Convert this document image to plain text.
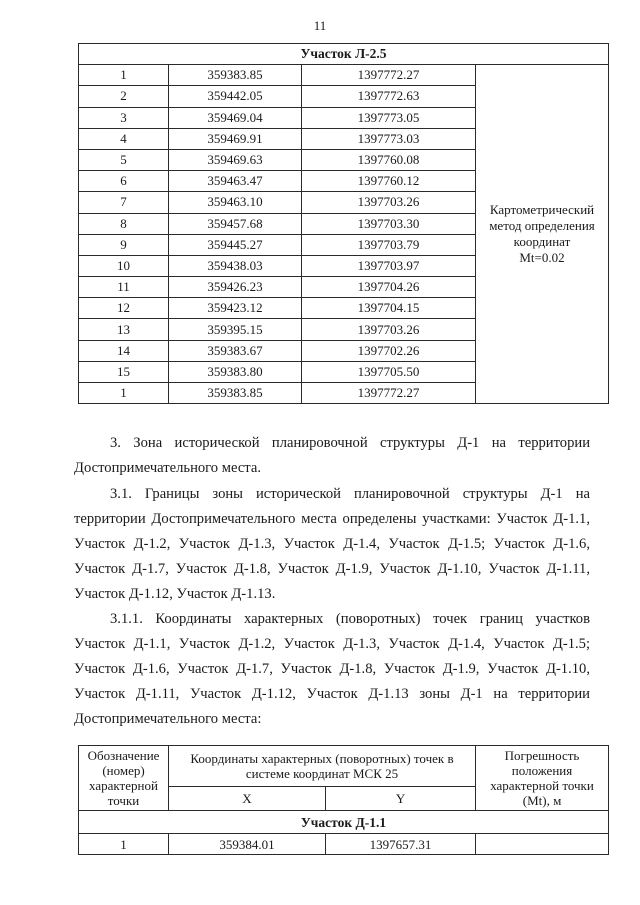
11
Участок Л-2.5			
1	359383.85	1397772.27	Картометрический
метод определения
координат
Mt=0.02

2	359442.05	1397772.63	
3	359469.04	1397773.05	
4	359469.91	1397773.03	
5	359469.63	1397760.08	
6	359463.47	1397760.12	
7	359463.10	1397703.26	
8	359457.68	1397703.30	
9	359445.27	1397703.79	
10	359438.03	1397703.97	
11	359426.23	1397704.26	
12	359423.12	1397704.15	
13	359395.15	1397703.26	
14	359383.67	1397702.26	
15	359383.80	1397705.50	
1	359383.85	1397772.27	

3. Зона исторической планировочной структуры Д-1 на территории Достопримечательного места.

3.1. Границы зоны исторической планировочной структуры Д-1 на территории Достопримечательного места определены участками: Участок Д-1.1, Участок Д-1.2, Участок Д-1.3, Участок Д-1.4, Участок Д-1.5; Участок Д-1.6, Участок Д-1.7, Участок Д-1.8, Участок Д-1.9, Участок Д-1.10, Участок Д-1.11, Участок Д-1.12, Участок Д-1.13.

3.1.1. Координаты характерных (поворотных) точек границ участков Участок Д-1.1, Участок Д-1.2, Участок Д-1.3, Участок Д-1.4, Участок Д-1.5; Участок Д-1.6, Участок Д-1.7, Участок Д-1.8, Участок Д-1.9, Участок Д-1.10, Участок Д-1.11, Участок Д-1.12, Участок Д-1.13 зоны Д-1 на территории Достопримечательного места:

Обозначение (номер) характерной точки	Координаты характерных (поворотных) точек в системе координат МСК 25		Погрешность положения характерной точки (Mt), м
	X	Y	
Участок Д-1.1			
1	359384.01	1397657.31	
